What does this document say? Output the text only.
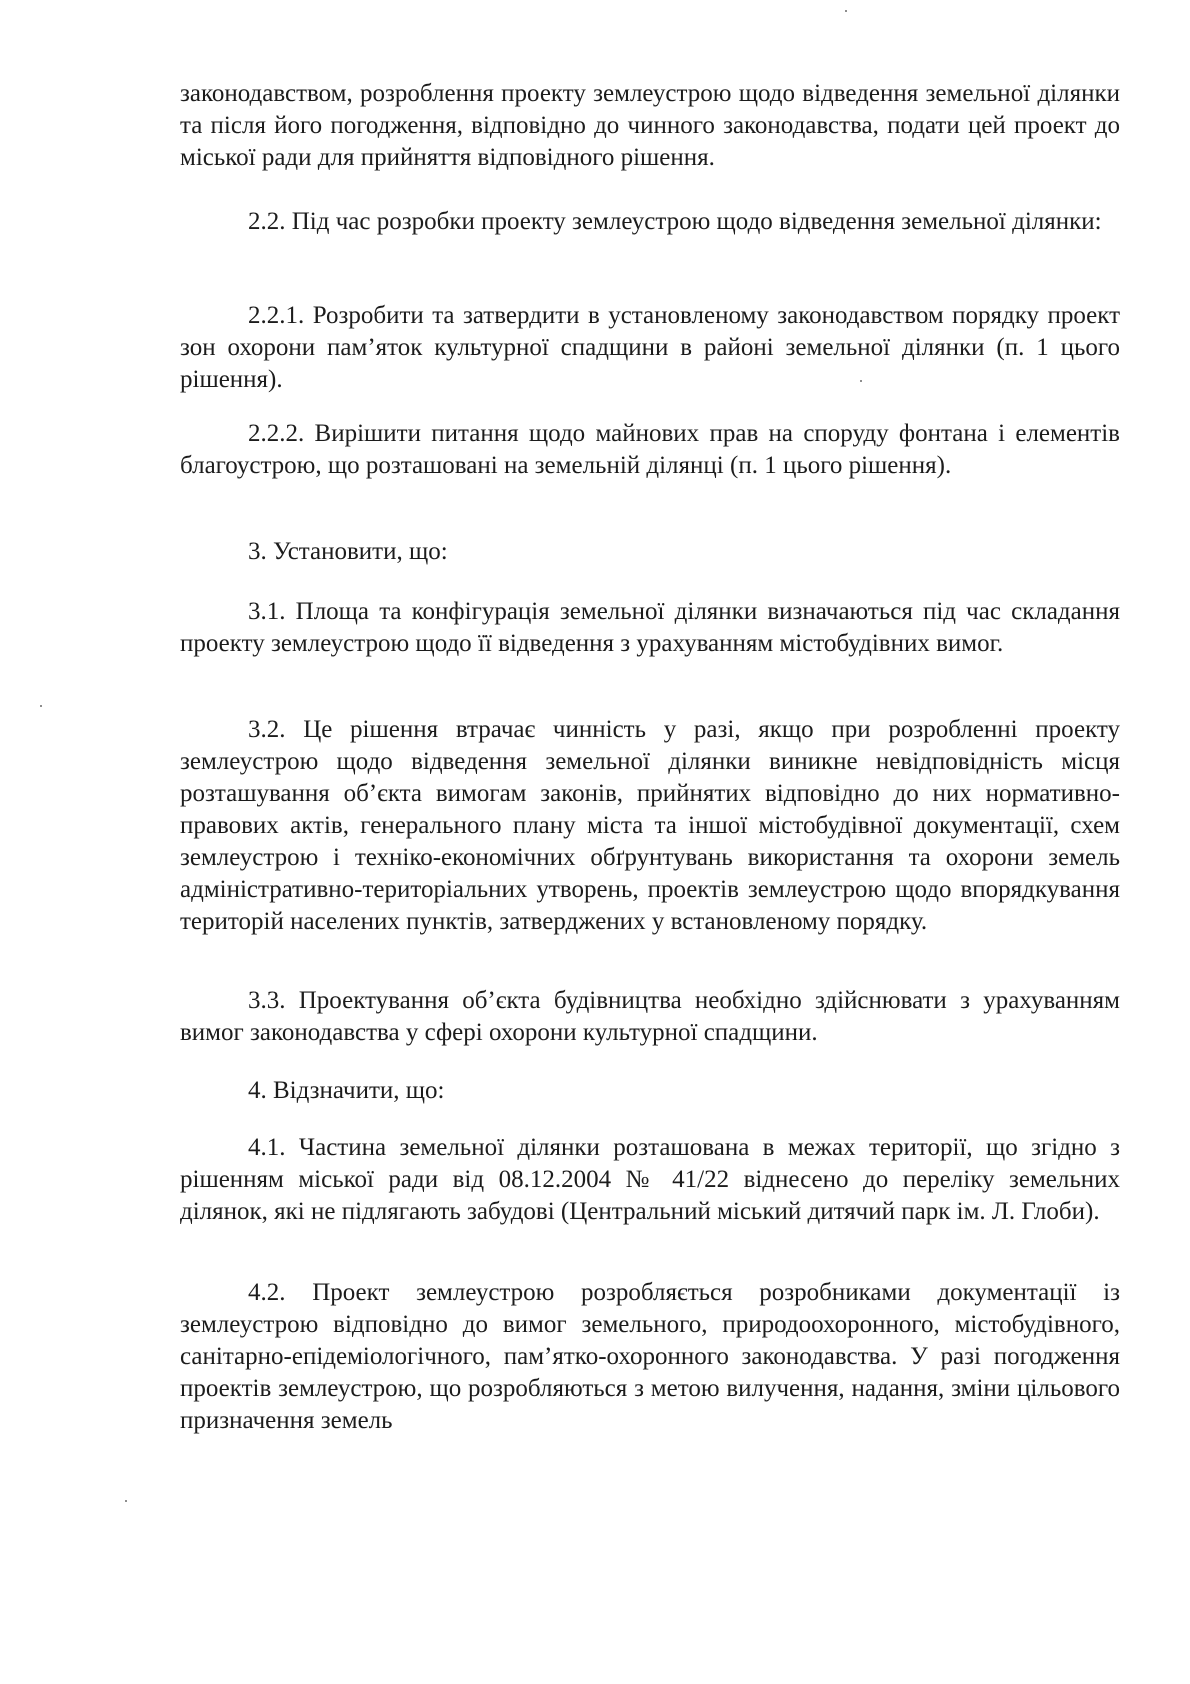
законодавством, розроблення проекту землеустрою щодо відведення земельної ділянки та після його погодження, відповідно до чинного законодавства, подати цей проект до міської ради для прийняття відповідного рішення.

2.2. Під час розробки проекту землеустрою щодо відведення земельної ділянки:

2.2.1. Розробити та затвердити в установленому законодавством порядку проект зон охорони пам’яток культурної спадщини в районі земельної ділянки (п. 1 цього рішення).

2.2.2. Вирішити питання щодо майнових прав на споруду фонтана і елементів благоустрою, що розташовані на земельній ділянці (п. 1 цього рішення).

3. Установити, що:

3.1. Площа та конфігурація земельної ділянки визначаються під час складання проекту землеустрою щодо її відведення з урахуванням містобудівних вимог.

3.2. Це рішення втрачає чинність у разі, якщо при розробленні проекту землеустрою щодо відведення земельної ділянки виникне невідповідність місця розташування об’єкта вимогам законів, прийнятих відповідно до них нормативно-правових актів, генерального плану міста та іншої містобудівної документації, схем землеустрою і техніко-економічних обґрунтувань використання та охорони земель адміністративно-територіальних утворень, проектів землеустрою щодо впорядкування територій населених пунктів, затверджених у встановленому порядку.

3.3. Проектування об’єкта будівництва необхідно здійснювати з урахуванням вимог законодавства у сфері охорони культурної спадщини.

4. Відзначити, що:

4.1. Частина земельної ділянки розташована в межах території, що згідно з рішенням міської ради від 08.12.2004 № 41/22 віднесено до переліку земельних ділянок, які не підлягають забудові (Центральний міський дитячий парк ім. Л. Глоби).

4.2. Проект землеустрою розробляється розробниками документації із землеустрою відповідно до вимог земельного, природоохоронного, містобудівного, санітарно-епідеміологічного, пам’ятко-охоронного законодавства. У разі погодження проектів землеустрою, що розробляються з метою вилучення, надання, зміни цільового призначення земель
